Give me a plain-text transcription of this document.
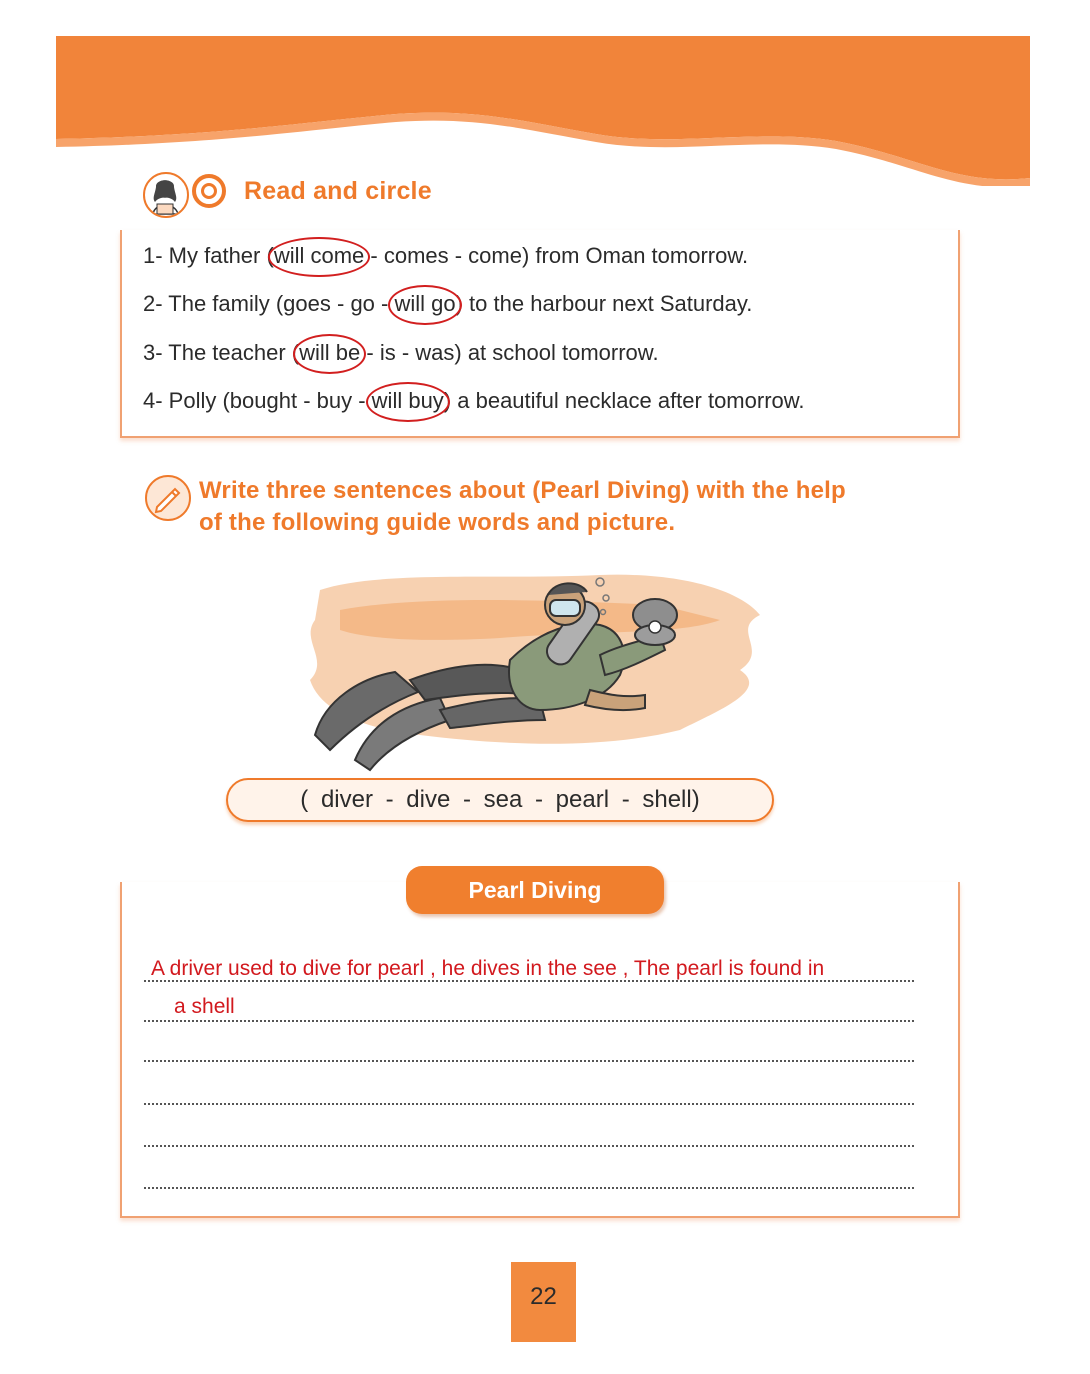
Read and circle
1- My father (will come
- comes - come) from Oman tomorrow.
2- The family (goes - go - will go
) to the harbour next Saturday.
3- The teacher (will be
- is - was) at school tomorrow.
4- Polly (bought - buy - will buy
) a beautiful necklace after tomorrow.
Write three sentences about (Pearl Diving) with the help
of the following guide words and picture.
( diver - dive - sea - pearl - shell)
Pearl Diving
A driver used to dive for pearl , he dives in the see , The pearl is found in
a shell
22
